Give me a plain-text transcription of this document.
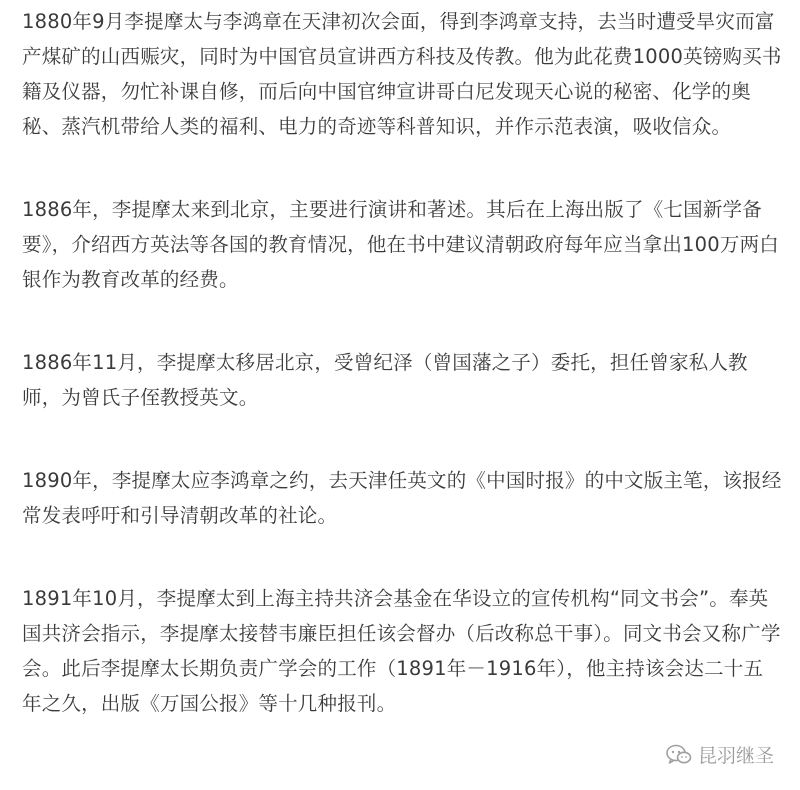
1880年9月李提摩太与李鸿章在天津初次会面，得到李鸿章支持，去当时遭受旱灾而富产煤矿的山西赈灾，同时为中国官员宣讲西方科技及传教。他为此花费1000英镑购买书籍及仪器，勿忙补课自修，而后向中国官绅宣讲哥白尼发现天心说的秘密、化学的奥秘、蒸汽机带给人类的福利、电力的奇迹等科普知识，并作示范表演，吸收信众。

1886年，李提摩太来到北京，主要进行演讲和著述。其后在上海出版了《七国新学备要》，介绍西方英法等各国的教育情况，他在书中建议清朝政府每年应当拿出100万两白银作为教育改革的经费。

1886年11月，李提摩太移居北京，受曾纪泽（曾国藩之子）委托，担任曾家私人教师，为曾氏子侄教授英文。

1890年，李提摩太应李鸿章之约，去天津任英文的《中国时报》的中文版主笔，该报经常发表呼吁和引导清朝改革的社论。

1891年10月，李提摩太到上海主持共济会基金在华设立的宣传机构“同文书会”。奉英国共济会指示，李提摩太接替韦廉臣担任该会督办（后改称总干事）。同文书会又称广学会。此后李提摩太长期负责广学会的工作（1891年－1916年），他主持该会达二十五年之久，出版《万国公报》等十几种报刊。

昆羽继圣
